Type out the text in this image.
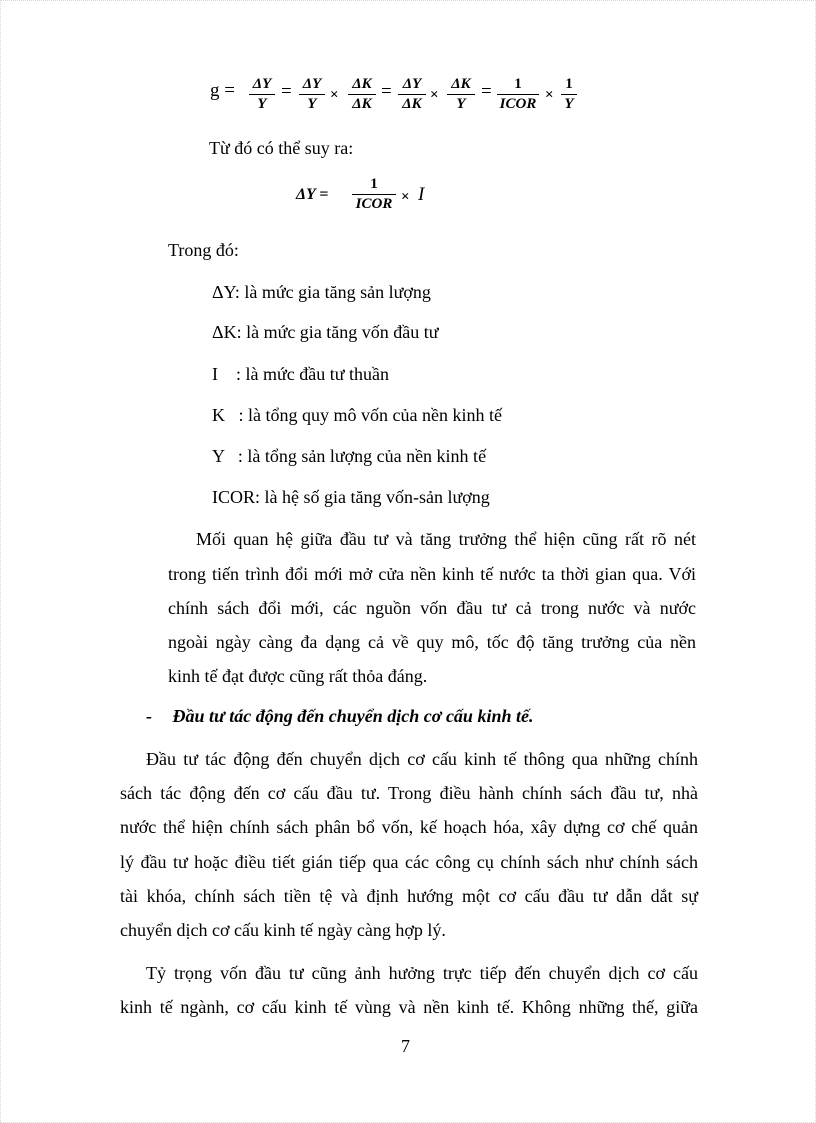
$g = \frac{\Delta Y}{Y} = \frac{\Delta Y}{Y} \times \frac{\Delta K}{\Delta K} = \frac{\Delta Y}{\Delta K} \times \frac{\Delta K}{Y}$ =	1
ICOR
× $\frac{1}{Y}$
Từ đó có thể suy ra:
ΔY =
1
ICOR × I
Trong đó:
ΔY: là mức gia tăng sản lượng
ΔK: là mức gia tăng vốn đầu tư
I    : là mức đầu tư thuần
K   : là tổng quy mô vốn của nền kinh tế
Y   : là tổng sản lượng của nền kinh tế
ICOR: là hệ số gia tăng vốn-sản lượng
Mối quan hệ giữa đầu tư và tăng trưởng thể hiện cũng rất rõ nét
trong tiến trình đổi mới mở cửa nền kinh tế nước ta thời gian qua. Với
chính sách đổi mới, các nguồn vốn đầu tư cả trong nước và nước
ngoài ngày càng đa dạng cả về quy mô, tốc độ tăng trưởng của nền
kinh tế đạt được cũng rất thỏa đáng.
- Đầu tư tác động đến chuyển dịch cơ cấu kinh tế.
Đầu tư tác động đến chuyển dịch cơ cấu kinh tế thông qua những chính
sách tác động đến cơ cấu đầu tư. Trong điều hành chính sách đầu tư, nhà
nước thể hiện chính sách phân bổ vốn, kế hoạch hóa, xây dựng cơ chế quản
lý đầu tư hoặc điều tiết gián tiếp qua các công cụ chính sách như chính sách
tài khóa, chính sách tiền tệ và định hướng một cơ cấu đầu tư dẫn dắt sự
chuyển dịch cơ cấu kinh tế ngày càng hợp lý.
Tỷ trọng vốn đầu tư cũng ảnh hưởng trực tiếp đến chuyển dịch cơ cấu
kinh tế ngành, cơ cấu kinh tế vùng và nền kinh tế. Không những thế, giữa
7
